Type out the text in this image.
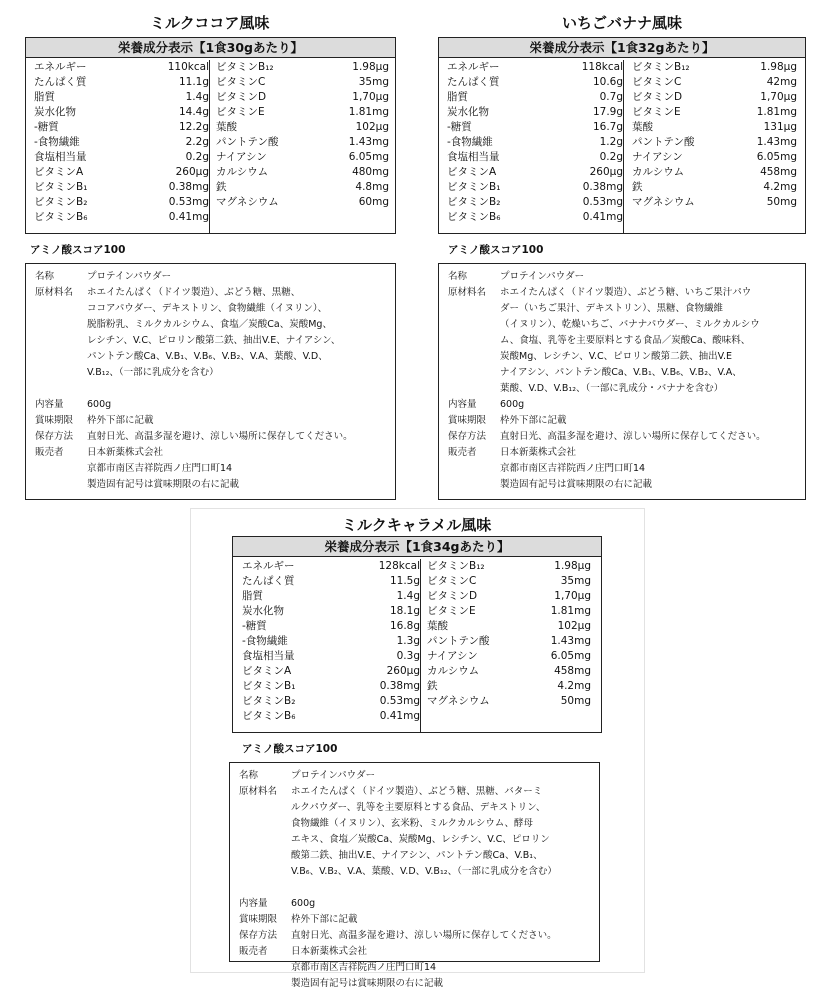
ミルクココア風味
栄養成分表示【1食30gあたり】
エネルギー	110kcal
たんぱく質	11.1g
脂質	1.4g
炭水化物	14.4g
-糖質	12.2g
-食物繊維	2.2g
食塩相当量	0.2g
ビタミンA	260μg
ビタミンB₁	0.38mg
ビタミンB₂	0.53mg
ビタミンB₆	0.41mg
ビタミンB₁₂	1.98μg
ビタミンC	35mg
ビタミンD	1,70μg
ビタミンE	1.81mg
葉酸	102μg
パントテン酸	1.43mg
ナイアシン	6.05mg
カルシウム	480mg
鉄	4.8mg
マグネシウム	60mg
アミノ酸スコア100
名称	プロテインパウダー
原材料名 ホエイたんぱく（ドイツ製造）、ぶどう糖、黒糖、
ココアパウダー、デキストリン、食物繊維（イヌリン）、
脱脂粉乳、ミルクカルシウム、食塩／炭酸Ca、炭酸Mg、
レシチン、V.C、ピロリン酸第二鉄、抽出V.E、ナイアシン、
パントテン酸Ca、V.B₁、V.B₆、V.B₂、V.A、葉酸、V.D、
V.B₁₂、（一部に乳成分を含む）
内容量 600g
賞味期限 枠外下部に記載
保存方法 直射日光、高温多湿を避け、涼しい場所に保存してください。
販売者 日本新薬株式会社
京都市南区吉祥院西ノ庄門口町14
製造固有記号は賞味期限の右に記載
いちごバナナ風味
栄養成分表示【1食32gあたり】
エネルギー	118kcal
たんぱく質	10.6g
脂質	0.7g
炭水化物	17.9g
-糖質	16.7g
-食物繊維	1.2g
食塩相当量	0.2g
ビタミンA	260μg
ビタミンB₁	0.38mg
ビタミンB₂	0.53mg
ビタミンB₆	0.41mg
ビタミンB₁₂	1.98μg
ビタミンC	42mg
ビタミンD	1,70μg
ビタミンE	1.81mg
葉酸	131μg
パントテン酸	1.43mg
ナイアシン	6.05mg
カルシウム	458mg
鉄	4.2mg
マグネシウム	50mg
アミノ酸スコア100
名称	プロテインパウダー
原材料名 ホエイたんぱく（ドイツ製造）、ぶどう糖、いちご果汁パウ
ダー（いちご果汁、デキストリン）、黒糖、食物繊維
（イヌリン）、乾燥いちご、バナナパウダー、ミルクカルシウ
ム、食塩、乳等を主要原料とする食品／炭酸Ca、酸味料、
炭酸Mg、レシチン、V.C、ピロリン酸第二鉄、抽出V.E
ナイアシン、パントテン酸Ca、V.B₁、V.B₆、V.B₂、V.A、
葉酸、V.D、V.B₁₂、（一部に乳成分・バナナを含む）
内容量 600g
賞味期限 枠外下部に記載
保存方法 直射日光、高温多湿を避け、涼しい場所に保存してください。
販売者 日本新薬株式会社
京都市南区吉祥院西ノ庄門口町14
製造固有記号は賞味期限の右に記載
ミルクキャラメル風味
栄養成分表示【1食34gあたり】
エネルギー	128kcal
たんぱく質	11.5g
脂質	1.4g
炭水化物	18.1g
-糖質	16.8g
-食物繊維	1.3g
食塩相当量	0.3g
ビタミンA	260μg
ビタミンB₁	0.38mg
ビタミンB₂	0.53mg
ビタミンB₆	0.41mg
ビタミンB₁₂	1.98μg
ビタミンC	35mg
ビタミンD	1,70μg
ビタミンE	1.81mg
葉酸	102μg
パントテン酸	1.43mg
ナイアシン	6.05mg
カルシウム	458mg
鉄	4.2mg
マグネシウム	50mg
アミノ酸スコア100
名称	プロテインパウダー
原材料名 ホエイたんぱく（ドイツ製造）、ぶどう糖、黒糖、バターミ
ルクパウダー、乳等を主要原料とする食品、デキストリン、
食物繊維（イヌリン）、玄米粉、ミルクカルシウム、酵母
エキス、食塩／炭酸Ca、炭酸Mg、レシチン、V.C、ピロリン
酸第二鉄、抽出V.E、ナイアシン、パントテン酸Ca、V.B₁、
V.B₆、V.B₂、V.A、葉酸、V.D、V.B₁₂、（一部に乳成分を含む）
内容量 600g
賞味期限 枠外下部に記載
保存方法 直射日光、高温多湿を避け、涼しい場所に保存してください。
販売者 日本新薬株式会社
京都市南区吉祥院西ノ庄門口町14
製造固有記号は賞味期限の右に記載
